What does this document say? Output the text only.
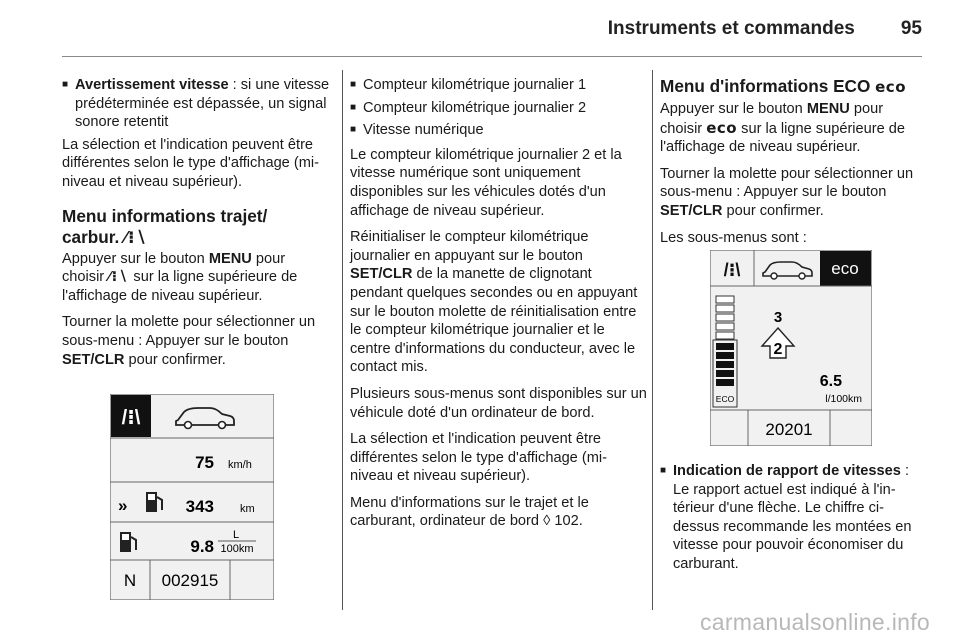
Instruments et commandes 95
■ Avertissement vitesse : si une vitesse prédéterminée est dépassée, un signal sonore retentit

La sélection et l'indication peuvent être différentes selon le type d'affichage (mi-niveau et niveau supérieur).

Menu informations trajet/
carbur. ⁄⁝∖

Appuyer sur le bouton MENU pour choisir ⁄⁝∖ sur la ligne supérieure de l'affichage de niveau supérieur.

Tourner la molette pour sélectionner un sous-menu : Appuyer sur le bouton SET/CLR pour confirmer.

/⁝\
75 km/h
»	343 km
9.8
L
100km
N 002915
■ Compteur kilométrique journalier 1
■ Compteur kilométrique journalier 2
■ Vitesse numérique

Le compteur kilométrique journalier 2 et la vitesse numérique sont uniquement disponibles sur les véhicules dotés d'un affichage de niveau supérieur.

Réinitialiser le compteur kilométrique journalier en appuyant sur le bouton SET/CLR de la manette de clignotant pendant quelques secondes ou en appuyant sur le bouton molette de réinitialisation entre le compteur kilométrique journalier et le centre d'informations du conducteur, avec le contact mis.

Plusieurs sous-menus sont disponibles sur un véhicule doté d'un ordinateur de bord.

La sélection et l'indication peuvent être différentes selon le type d'affichage (mi-niveau et niveau supérieur).

Menu d'informations sur le trajet et le carburant, ordinateur de bord ◊ 102.

Menu d'informations ECO eco

Appuyer sur le bouton MENU pour choisir eco sur la ligne supérieure de l'affichage de niveau supérieur.

Tourner la molette pour sélectionner un sous-menu : Appuyer sur le bouton SET/CLR pour confirmer.

Les sous-menus sont :

/⁝\	eco
ECO
3
2
6.5
l/100km
20201
■ Indication de rapport de vitesses : Le rapport actuel est indiqué à l'intérieur d'une flèche. Le chiffre ci-dessus recommande les montées en vitesse pour pouvoir économiser du carburant.
carmanualsonline.info
